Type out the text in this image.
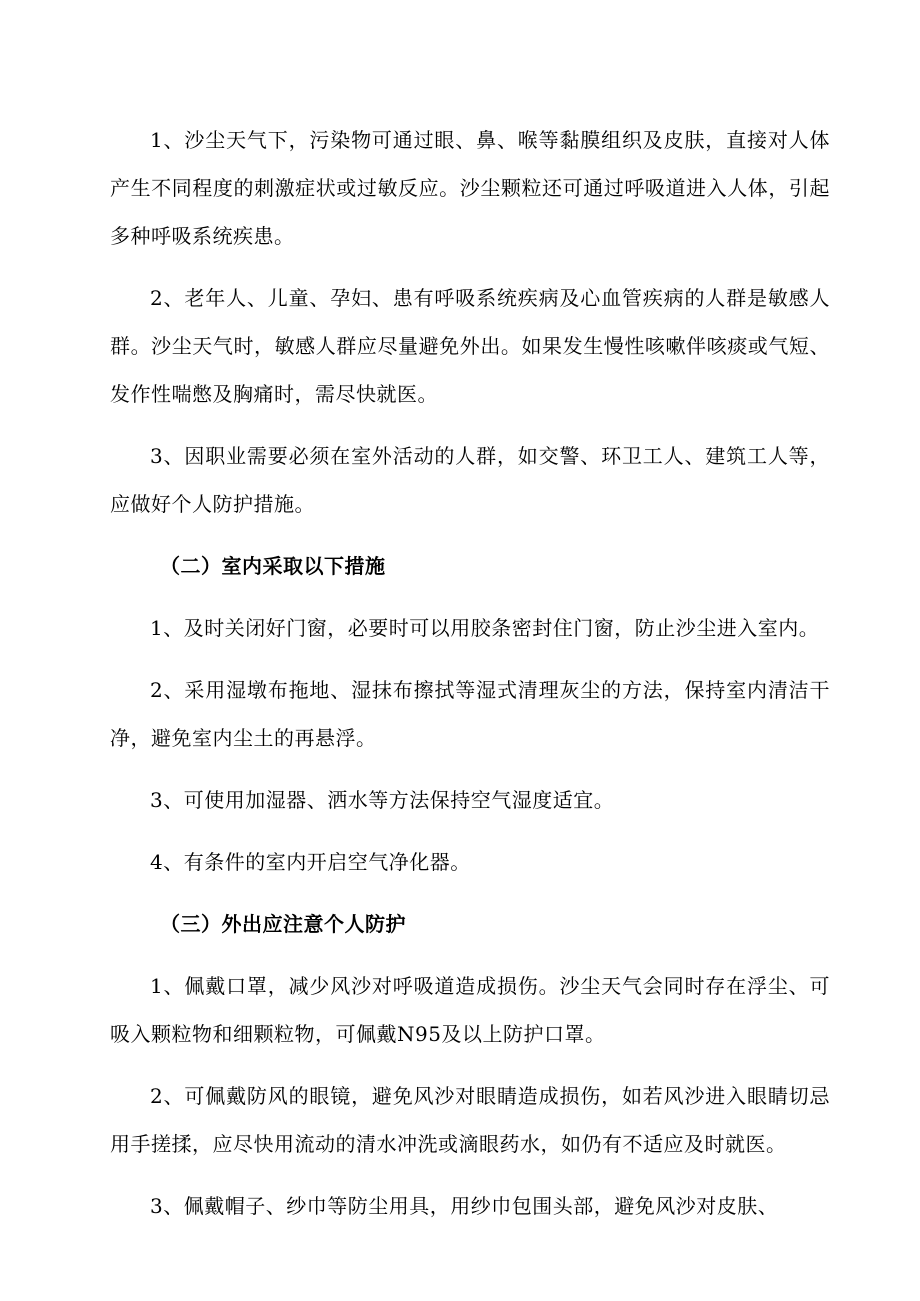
1、沙尘天气下，污染物可通过眼、鼻、喉等黏膜组织及皮肤，直接对人体产生不同程度的刺激症状或过敏反应。沙尘颗粒还可通过呼吸道进入人体，引起多种呼吸系统疾患。

2、老年人、儿童、孕妇、患有呼吸系统疾病及心血管疾病的人群是敏感人群。沙尘天气时，敏感人群应尽量避免外出。如果发生慢性咳嗽伴咳痰或气短、发作性喘憋及胸痛时，需尽快就医。

3、因职业需要必须在室外活动的人群，如交警、环卫工人、建筑工人等，应做好个人防护措施。

（二）室内采取以下措施

1、及时关闭好门窗，必要时可以用胶条密封住门窗，防止沙尘进入室内。

2、采用湿墩布拖地、湿抹布擦拭等湿式清理灰尘的方法，保持室内清洁干净，避免室内尘土的再悬浮。

3、可使用加湿器、洒水等方法保持空气湿度适宜。

4、有条件的室内开启空气净化器。

（三）外出应注意个人防护

1、佩戴口罩，减少风沙对呼吸道造成损伤。沙尘天气会同时存在浮尘、可吸入颗粒物和细颗粒物，可佩戴N95及以上防护口罩。

2、可佩戴防风的眼镜，避免风沙对眼睛造成损伤，如若风沙进入眼睛切忌用手搓揉，应尽快用流动的清水冲洗或滴眼药水，如仍有不适应及时就医。

3、佩戴帽子、纱巾等防尘用具，用纱巾包围头部，避免风沙对皮肤、
